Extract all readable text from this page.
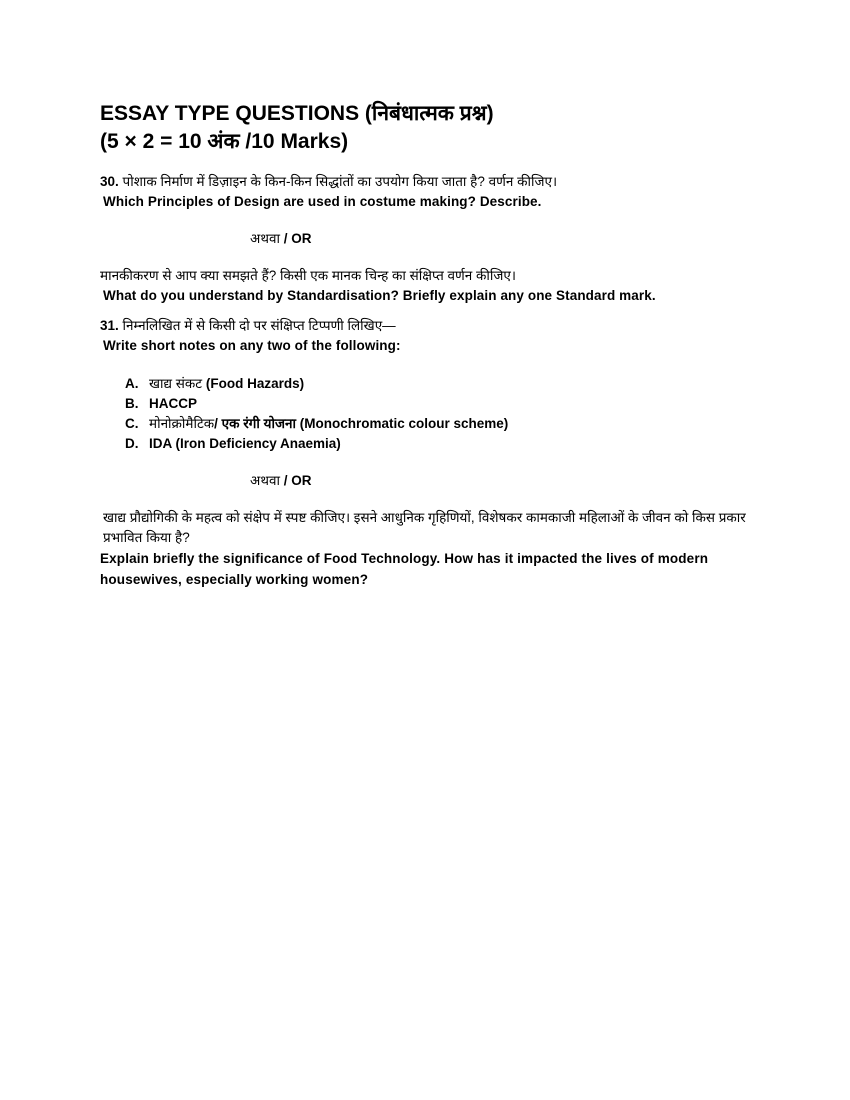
ESSAY TYPE QUESTIONS (निबंधात्मक प्रश्न)
(5 × 2 = 10 अंक /10 Marks)

30. पोशाक निर्माण में डिज़ाइन के किन-किन सिद्धांतों का उपयोग किया जाता है? वर्णन कीजिए।

Which Principles of Design are used in costume making? Describe.

अथवा / OR

मानकीकरण से आप क्या समझते हैं? किसी एक मानक चिन्ह का संक्षिप्त वर्णन कीजिए।

What do you understand by Standardisation? Briefly explain any one Standard mark.

31. निम्नलिखित में से किसी दो पर संक्षिप्त टिप्पणी लिखिए—

Write short notes on any two of the following:

A. खाद्य संकट (Food Hazards)
B. HACCP
C. मोनोक्रोमैटिक/ एक रंगी योजना (Monochromatic colour scheme)
D. IDA (Iron Deficiency Anaemia)

अथवा / OR

खाद्य प्रौद्योगिकी के महत्व को संक्षेप में स्पष्ट कीजिए। इसने आधुनिक गृहिणियों, विशेषकर कामकाजी महिलाओं के जीवन को किस प्रकार प्रभावित किया है?

Explain briefly the significance of Food Technology. How has it impacted the lives of modern housewives, especially working women?
